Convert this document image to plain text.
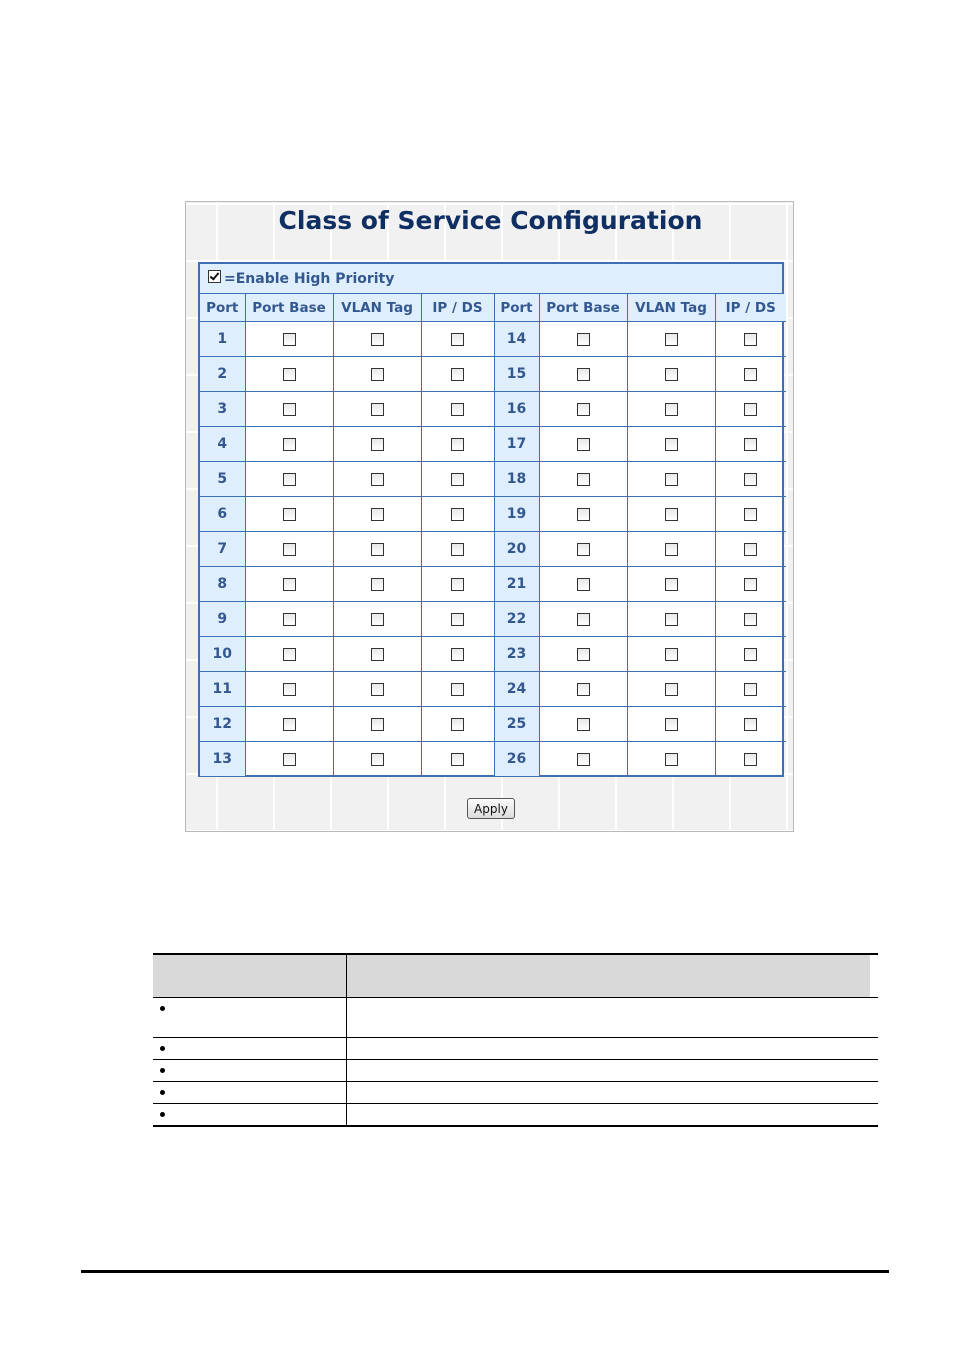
Class of Service Configuration
=Enable High Priority
Port	Port Base	VLAN Tag	IP / DS	Port	Port Base	VLAN Tag	IP / DS
1				14			
2				15			
3				16			
4				17			
5				18			
6				19			
7				20			
8				21			
9				22			
10				23			
11				24			
12				25			
13				26			
Apply
